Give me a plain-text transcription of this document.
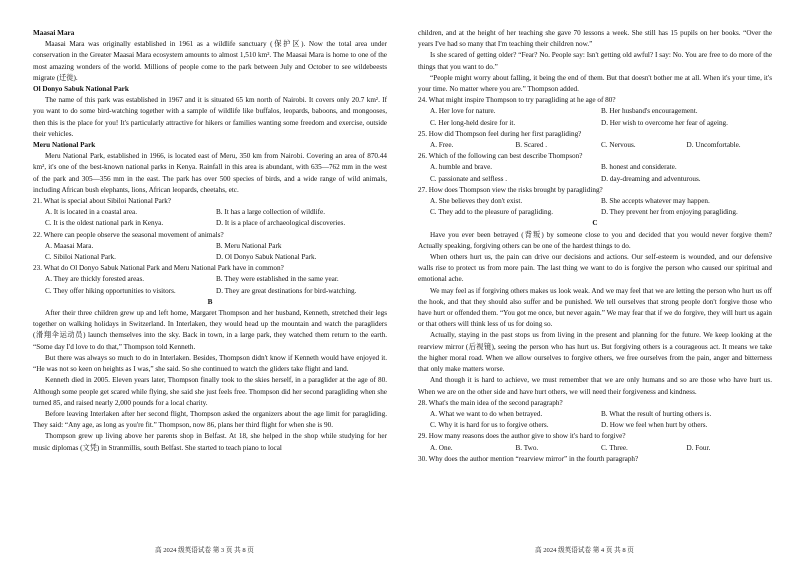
Maasai Mara
Maasai Mara was originally established in 1961 as a wildlife sanctuary (保护区). Now the total area under conservation in the Greater Maasai Mara ecosystem amounts to almost 1,510 km². The Maasai Mara is home to one of the most amazing wonders of the world. Millions of people come to the park between July and October to see wildebeests migrate (迁徙).
Ol Donyo Sabuk National Park
The name of this park was established in 1967 and it is situated 65 km north of Nairobi. It covers only 20.7 km². If you want to do some bird-watching together with a sample of wildlife like buffalos, leopards, baboons, and mongooses, then this is the place for you! It's particularly attractive for hikers or families wanting some freedom and exercise, outside their vehicles.
Meru National Park
Meru National Park, established in 1966, is located east of Meru, 350 km from Nairobi. Covering an area of 870.44 km², it's one of the best-known national parks in Kenya. Rainfall in this area is abundant, with 635—762 mm in the west of the park and 305—356 mm in the east. The park has over 500 species of birds, and a wide range of wild animals, including African bush elephants, lions, African leopards, cheetahs, etc.
21. What is special about Sibiloi National Park?
A. It is located in a coastal area.	B. It has a large collection of wildlife.
C. It is the oldest national park in Kenya.	D. It is a place of archaeological discoveries.
22. Where can people observe the seasonal movement of animals?
A. Maasai Mara.	B. Meru National Park
C. Sibiloi National Park.	D. Ol Donyo Sabuk National Park.
23. What do Ol Donyo Sabuk National Park and Meru National Park have in common?
A. They are thickly forested areas.	B. They were established in the same year.
C. They offer hiking opportunities to visitors.	D. They are great destinations for bird-watching.
B
After their three children grew up and left home, Margaret Thompson and her husband, Kenneth, stretched their legs together on walking holidays in Switzerland. In Interlaken, they would head up the mountain and watch the paragliders (滑翔伞运动员) launch themselves into the sky. Back in town, in a large park, they watched them return to the earth. “Some day I'd love to do that,” Thompson told Kenneth.
But there was always so much to do in Interlaken. Besides, Thompson didn't know if Kenneth would have enjoyed it. “He was not so keen on heights as I was,” she said. So she continued to watch the gliders take flight and land.
Kenneth died in 2005. Eleven years later, Thompson finally took to the skies herself, in a paraglider at the age of 80. Although some people get scared while flying, she said she just feels free. Thompson did her second paragliding when she turned 85, and raised nearly 2,000 pounds for a local charity.
Before leaving Interlaken after her second flight, Thompson asked the organizers about the age limit for paragliding. They said: “Any age, as long as you're fit.” Thompson, now 86, plans her third flight for when she is 90.
Thompson grew up living above her parents shop in Belfast. At 18, she helped in the shop while studying for her music diplomas (文凭) in Stranmillis, south Belfast. She started to teach piano to local
children, and at the height of her teaching she gave 70 lessons a week. She still has 15 pupils on her books. “Over the years I've had so many that I'm teaching their children now.”
Is she scared of getting older? “Fear? No. People say: Isn't getting old awful? I say: No. You are free to do more of the things that you want to do.”
“People might worry about falling, it being the end of them. But that doesn't bother me at all. When it's your time, it's your time. No matter where you are.” Thompson added.
24. What might inspire Thompson to try paragliding at he age of 80?
A. Her love for nature.	B. Her husband's encouragement.
C. Her long-held desire for it.	D. Her wish to overcome her fear of ageing.
25. How did Thompson feel during her first paragliding?
A. Free.	B. Scared .	C. Nervous.	D. Uncomfortable.
26. Which of the following can best describe Thompson?
A. humble and brave.	B. honest and considerate.
C. passionate and selfless .	D. day-dreaming and adventurous.
27. How does Thompson view the risks brought by paragliding?
A. She believes they don't exist.	B. She accepts whatever may happen.
C. They add to the pleasure of paragliding.	D. They prevent her from enjoying paragliding.
C
Have you ever been betrayed (背叛) by someone close to you and decided that you would never forgive them? Actually speaking, forgiving others can be one of the hardest things to do.
When others hurt us, the pain can drive our decisions and actions. Our self-esteem is wounded, and our defensive walls rise to protect us from more pain. The last thing we want to do is forgive the person who caused our spiritual and emotional ache.
We may feel as if forgiving others makes us look weak. And we may feel that we are letting the person who hurt us off the hook, and that they should also suffer and be punished. We tell ourselves that strong people don't forgive those who have hurt or offended them. “You got me once, but never again.” We may fear that if we do forgive, they will hurt us again or that others will think less of us for doing so.
Actually, staying in the past stops us from living in the present and planning for the future. We keep looking at the rearview mirror (后视镜), seeing the person who has hurt us. But forgiving others is a courageous act. It means we take the higher moral road. When we allow ourselves to forgive others, we free ourselves from the pain, anger and bitterness that only make matters worse.
And though it is hard to achieve, we must remember that we are only humans and so are those who have hurt us. When we are on the other side and have hurt others, we will need their forgiveness and kindness.
28. What's the main idea of the second paragraph?
A. What we want to do when betrayed.	B. What the result of hurting others is.
C. Why it is hard for us to forgive others.	D. How we feel when hurt by others.
29. How many reasons does the author give to show it's hard to forgive?
A. One.	B. Two.	C. Three.	D. Four.
30. Why does the author mention “rearview mirror” in the fourth paragraph?
高 2024 级英语试卷 第 3 页 共 8 页	高 2024 级英语试卷 第 4 页 共 8 页
